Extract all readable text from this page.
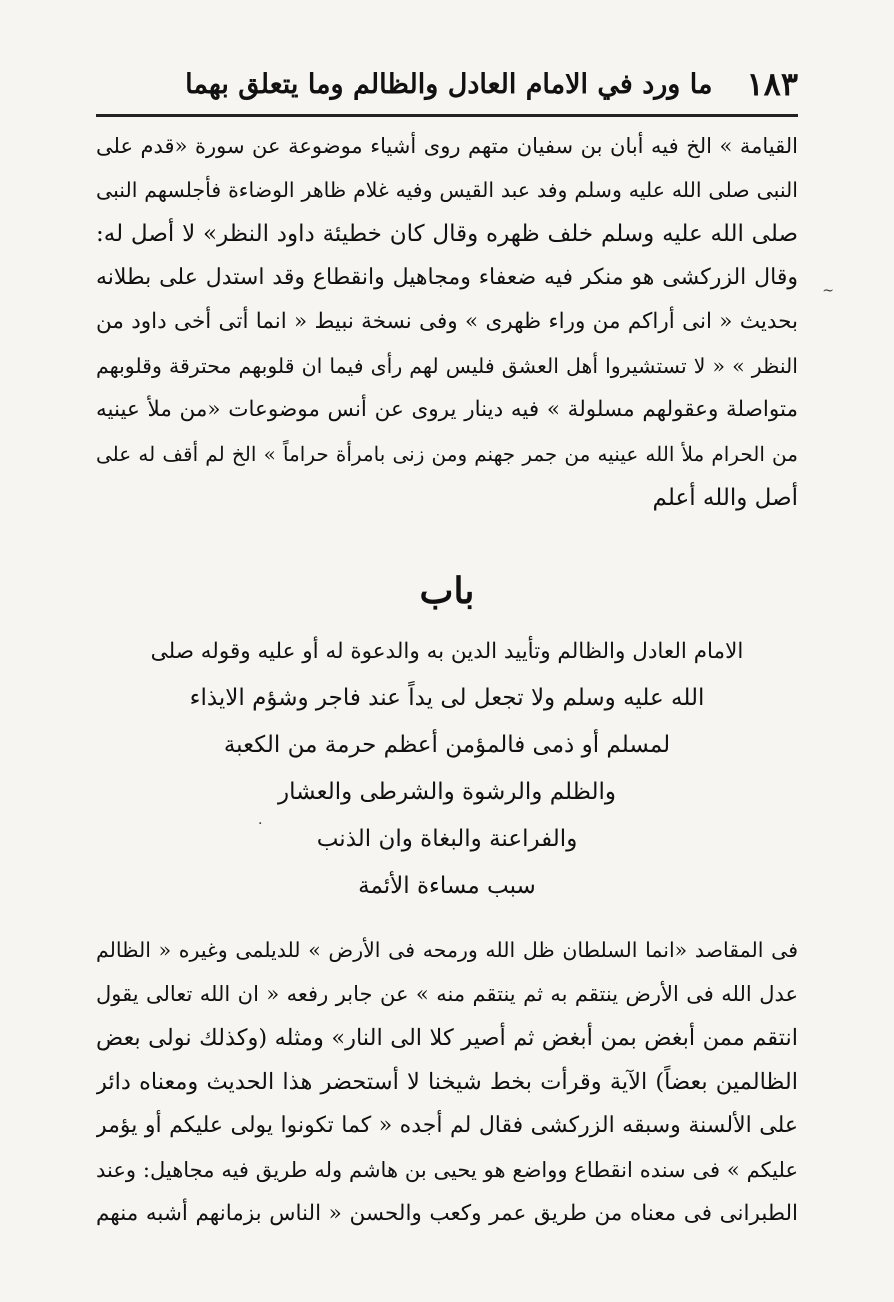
١٨٣
ما ورد في الامام العادل والظالم وما يتعلق بهما
القيامة » الخ فيه أبان بن سفيان متهم روى أشياء موضوعة عن سورة «قدم على
النبى صلى الله عليه وسلم وفد عبد القيس وفيه غلام ظاهر الوضاءة فأجلسهم النبى
صلى الله عليه وسلم خلف ظهره وقال كان خطيئة داود النظر» لا أصل له:
وقال الزركشى هو منكر فيه ضعفاء ومجاهيل وانقطاع وقد استدل على بطلانه
بحديث « انى أراكم من وراء ظهرى » وفى نسخة نبيط « انما أتى أخى داود من
النظر » « لا تستشيروا أهل العشق فليس لهم رأى فيما ان قلوبهم محترقة وقلوبهم
متواصلة وعقولهم مسلولة » فيه دينار يروى عن أنس موضوعات «من ملأ عينيه
من الحرام ملأ الله عينيه من جمر جهنم ومن زنى بامرأة حراماً » الخ لم أقف له على
أصل والله أعلم
باب
الامام العادل والظالم وتأييد الدين به والدعوة له أو عليه وقوله صلى
الله عليه وسلم ولا تجعل لى يداً عند فاجر وشؤم الايذاء
لمسلم أو ذمى فالمؤمن أعظم حرمة من الكعبة
والظلم والرشوة والشرطى والعشار
والفراعنة والبغاة وان الذنب
سبب مساءة الأئمة
فى المقاصد «انما السلطان ظل الله ورمحه فى الأرض » للديلمى وغيره « الظالم
عدل الله فى الأرض ينتقم به ثم ينتقم منه » عن جابر رفعه « ان الله تعالى يقول
انتقم ممن أبغض بمن أبغض ثم أصير كلا الى النار» ومثله (وكذلك نولى بعض
الظالمين بعضاً) الآية وقرأت بخط شيخنا لا أستحضر هذا الحديث ومعناه دائر
على الألسنة وسبقه الزركشى فقال لم أجده « كما تكونوا يولى عليكم أو يؤمر
عليكم » فى سنده انقطاع وواضع هو يحيى بن هاشم وله طريق فيه مجاهيل: وعند
الطبرانى فى معناه من طريق عمر وكعب والحسن « الناس بزمانهم أشبه منهم
~
.
